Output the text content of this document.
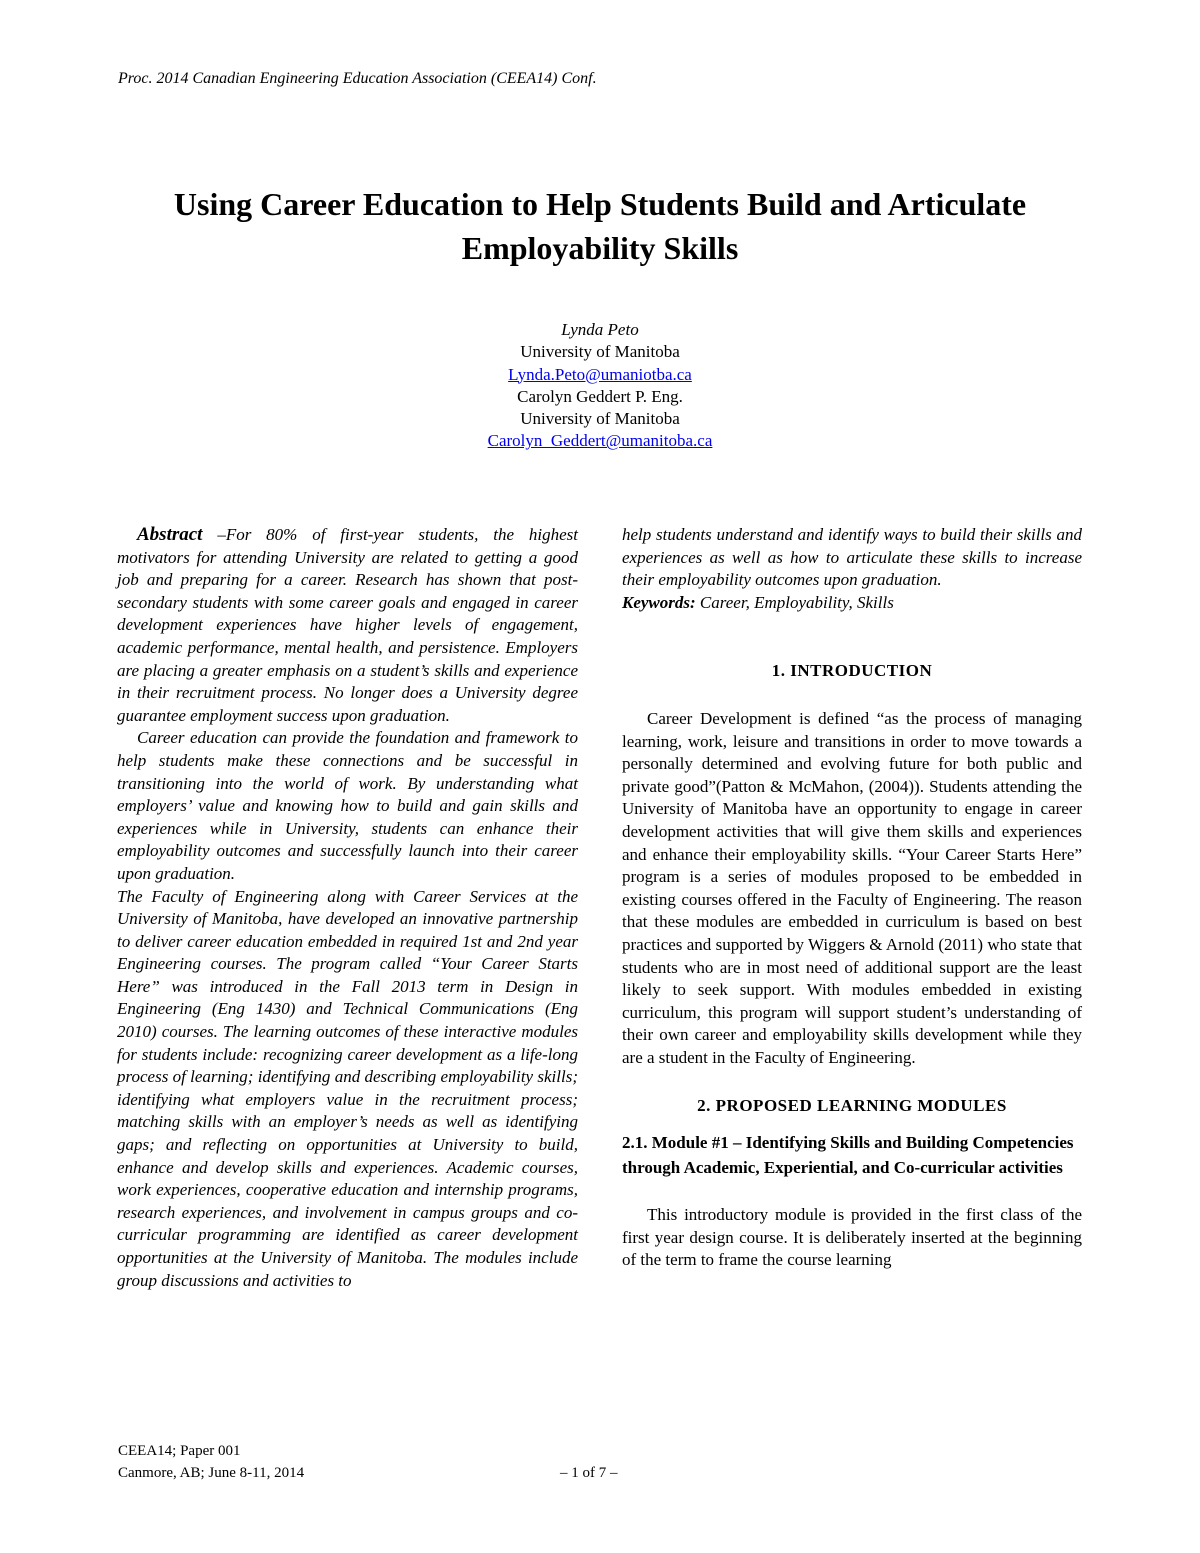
Proc. 2014 Canadian Engineering Education Association (CEEA14) Conf.
Using Career Education to Help Students Build and Articulate
Employability Skills
Lynda Peto
University of Manitoba
Lynda.Peto@umaniotba.ca
Carolyn Geddert P. Eng.
University of Manitoba
Carolyn_Geddert@umanitoba.ca

Abstract –For 80% of first-year students, the highest motivators for attending University are related to getting a good job and preparing for a career. Research has shown that post-secondary students with some career goals and engaged in career development experiences have higher levels of engagement, academic performance, mental health, and persistence. Employers are placing a greater emphasis on a student’s skills and experience in their recruitment process. No longer does a University degree guarantee employment success upon graduation.

Career education can provide the foundation and framework to help students make these connections and be successful in transitioning into the world of work. By understanding what employers’ value and knowing how to build and gain skills and experiences while in University, students can enhance their employability outcomes and successfully launch into their career upon graduation.

The Faculty of Engineering along with Career Services at the University of Manitoba, have developed an innovative partnership to deliver career education embedded in required 1st and 2nd year Engineering courses. The program called “Your Career Starts Here” was introduced in the Fall 2013 term in Design in Engineering (Eng 1430) and Technical Communications (Eng 2010) courses. The learning outcomes of these interactive modules for students include: recognizing career development as a life-long process of learning; identifying and describing employability skills; identifying what employers value in the recruitment process; matching skills with an employer’s needs as well as identifying gaps; and reflecting on opportunities at University to build, enhance and develop skills and experiences. Academic courses, work experiences, cooperative education and internship programs, research experiences, and involvement in campus groups and co-curricular programming are identified as career development opportunities at the University of Manitoba. The modules include group discussions and activities to

help students understand and identify ways to build their skills and experiences as well as how to articulate these skills to increase their employability outcomes upon graduation.

Keywords: Career, Employability, Skills

1. INTRODUCTION

Career Development is defined “as the process of managing learning, work, leisure and transitions in order to move towards a personally determined and evolving future for both public and private good”(Patton & McMahon, (2004)). Students attending the University of Manitoba have an opportunity to engage in career development activities that will give them skills and experiences and enhance their employability skills. “Your Career Starts Here” program is a series of modules proposed to be embedded in existing courses offered in the Faculty of Engineering. The reason that these modules are embedded in curriculum is based on best practices and supported by Wiggers & Arnold (2011) who state that students who are in most need of additional support are the least likely to seek support. With modules embedded in existing curriculum, this program will support student’s understanding of their own career and employability skills development while they are a student in the Faculty of Engineering.

2. PROPOSED LEARNING MODULES
2.1. Module #1 – Identifying Skills and Building Competencies through Academic, Experiential, and Co-curricular activities

This introductory module is provided in the first class of the first year design course. It is deliberately inserted at the beginning of the term to frame the course learning

CEEA14; Paper 001
Canmore, AB; June 8-11, 2014	– 1 of 7 –
